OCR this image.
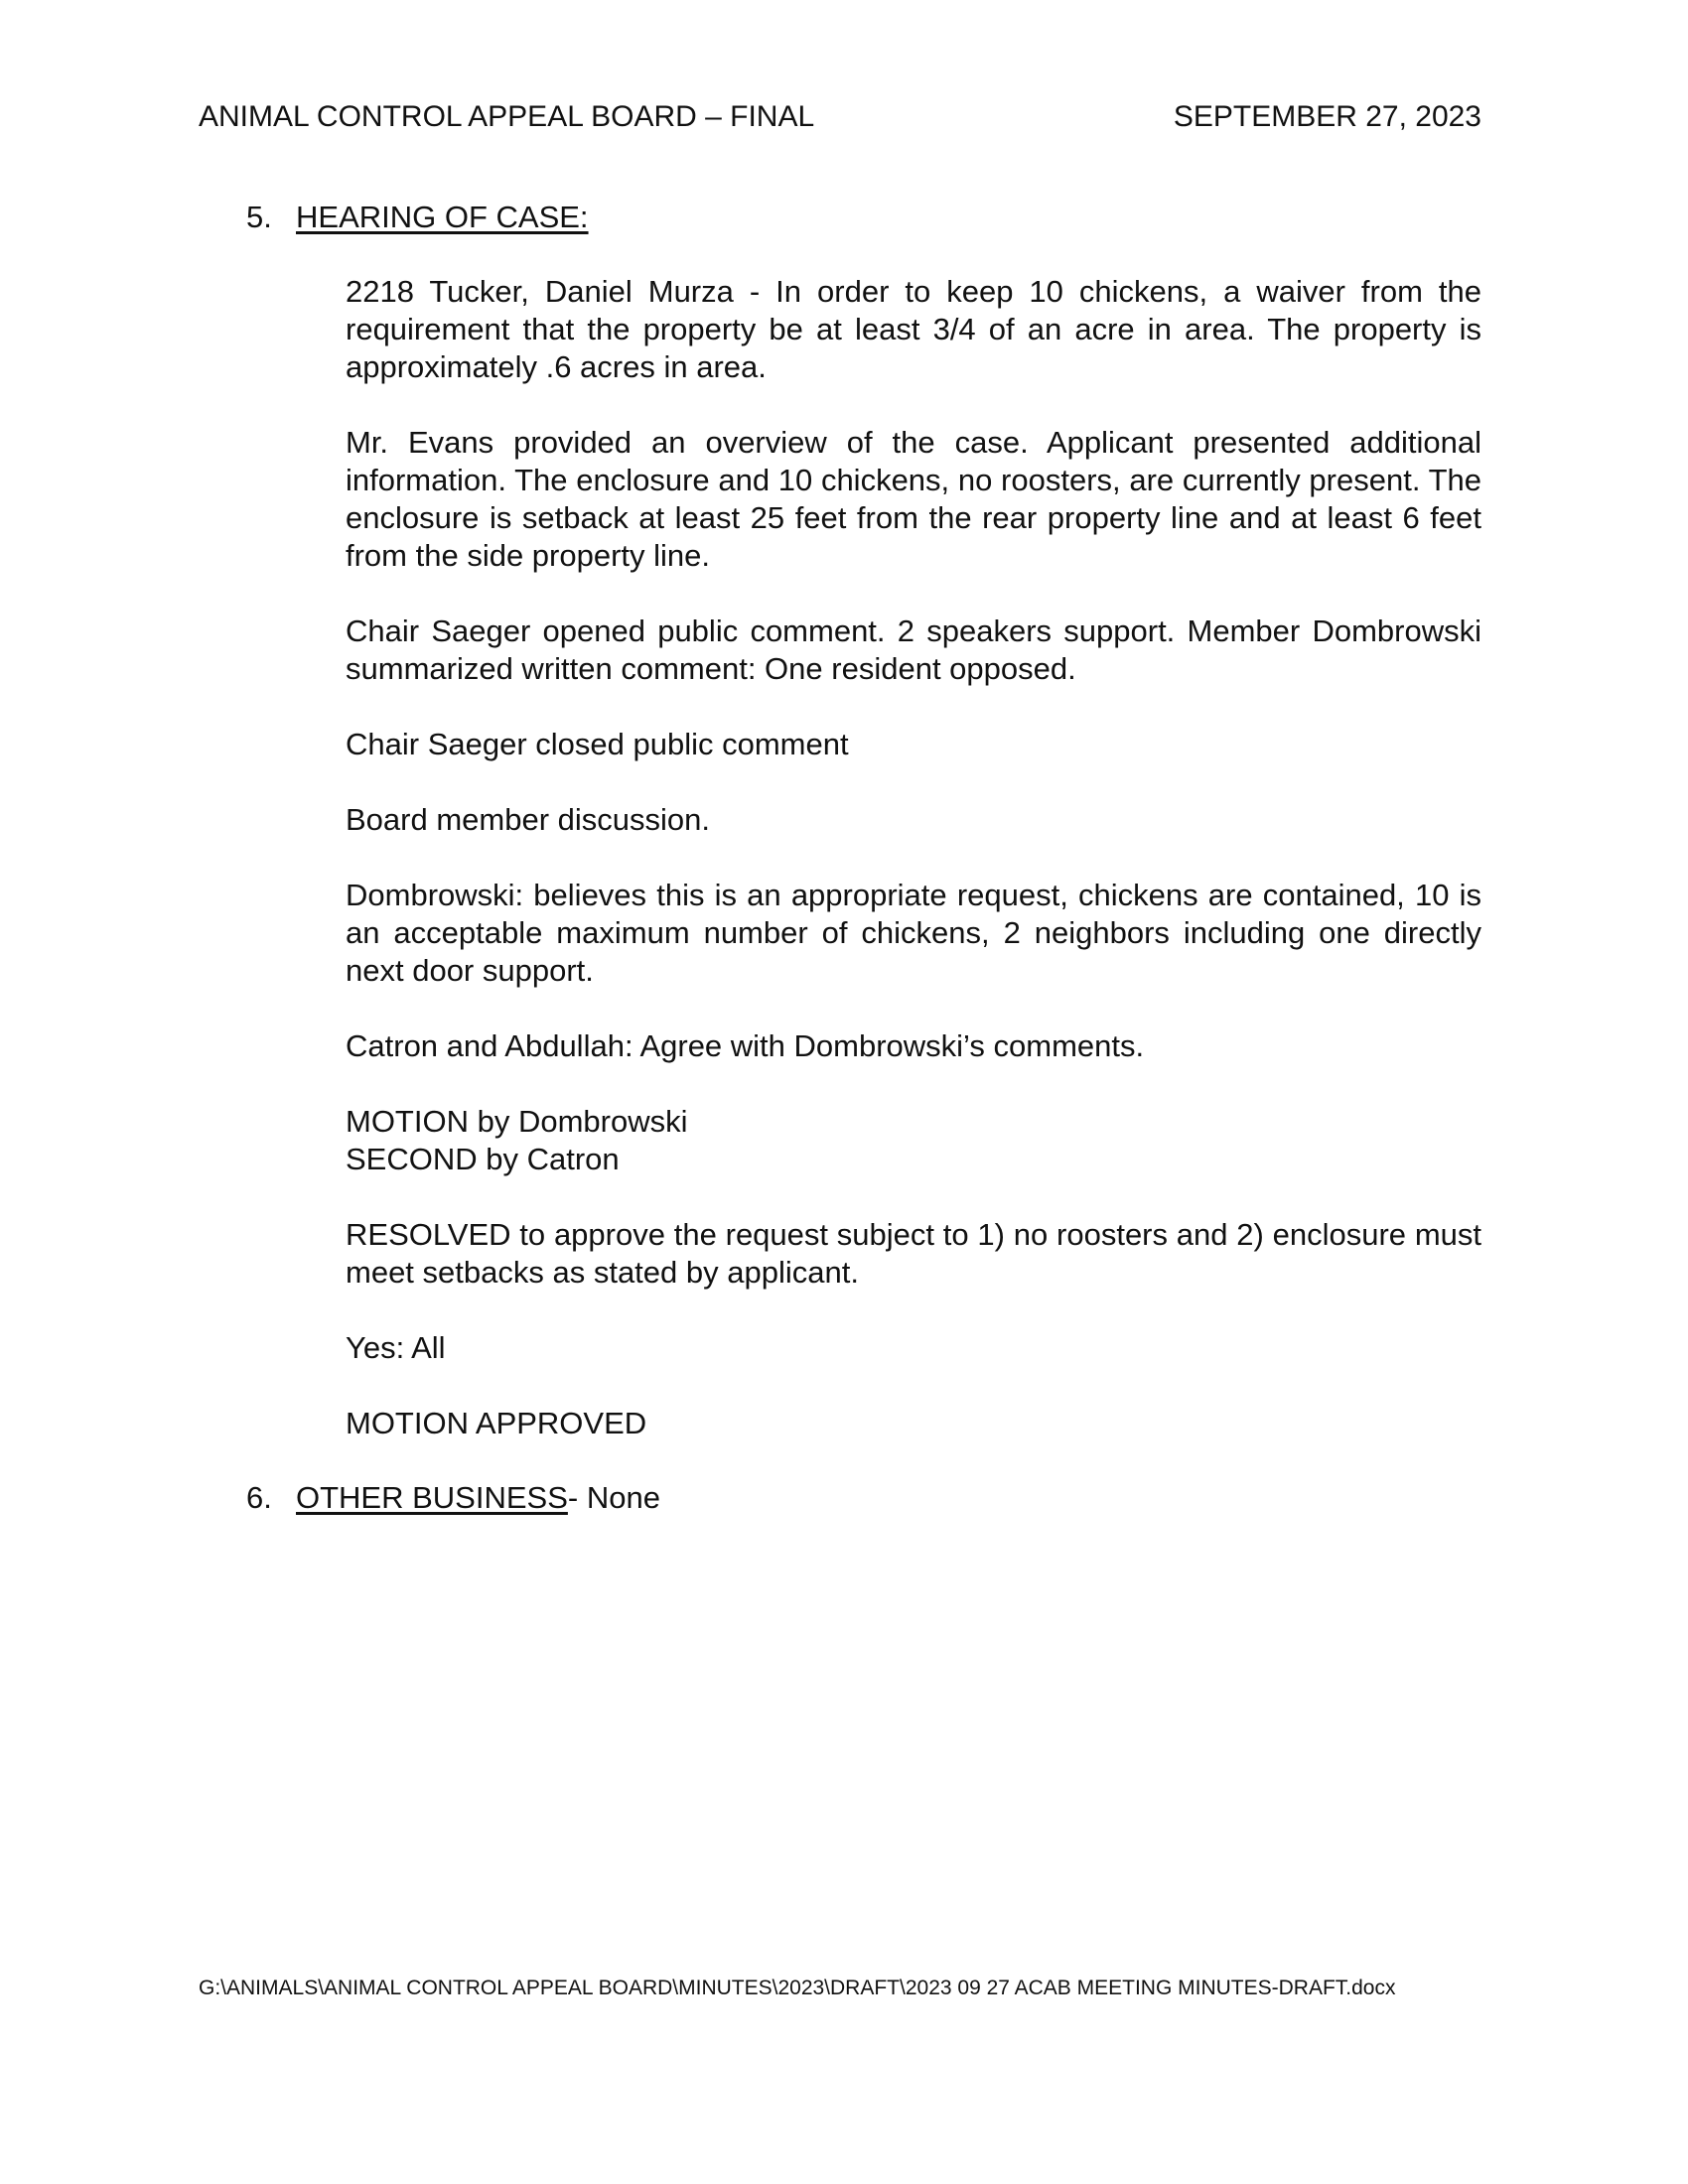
ANIMAL CONTROL APPEAL BOARD – FINAL	SEPTEMBER 27, 2023
5. HEARING OF CASE:

2218 Tucker, Daniel Murza - In order to keep 10 chickens, a waiver from the requirement that the property be at least 3/4 of an acre in area. The property is approximately .6 acres in area.

Mr. Evans provided an overview of the case. Applicant presented additional information. The enclosure and 10 chickens, no roosters, are currently present. The enclosure is setback at least 25 feet from the rear property line and at least 6 feet from the side property line.

Chair Saeger opened public comment. 2 speakers support. Member Dombrowski summarized written comment: One resident opposed.

Chair Saeger closed public comment

Board member discussion.

Dombrowski: believes this is an appropriate request, chickens are contained, 10 is an acceptable maximum number of chickens, 2 neighbors including one directly next door support.

Catron and Abdullah: Agree with Dombrowski’s comments.

MOTION by Dombrowski

SECOND by Catron

RESOLVED to approve the request subject to 1) no roosters and 2) enclosure must meet setbacks as stated by applicant.

Yes: All

MOTION APPROVED

6. OTHER BUSINESS- None
G:\ANIMALS\ANIMAL CONTROL APPEAL BOARD\MINUTES\2023\DRAFT\2023 09 27 ACAB MEETING MINUTES-DRAFT.docx
